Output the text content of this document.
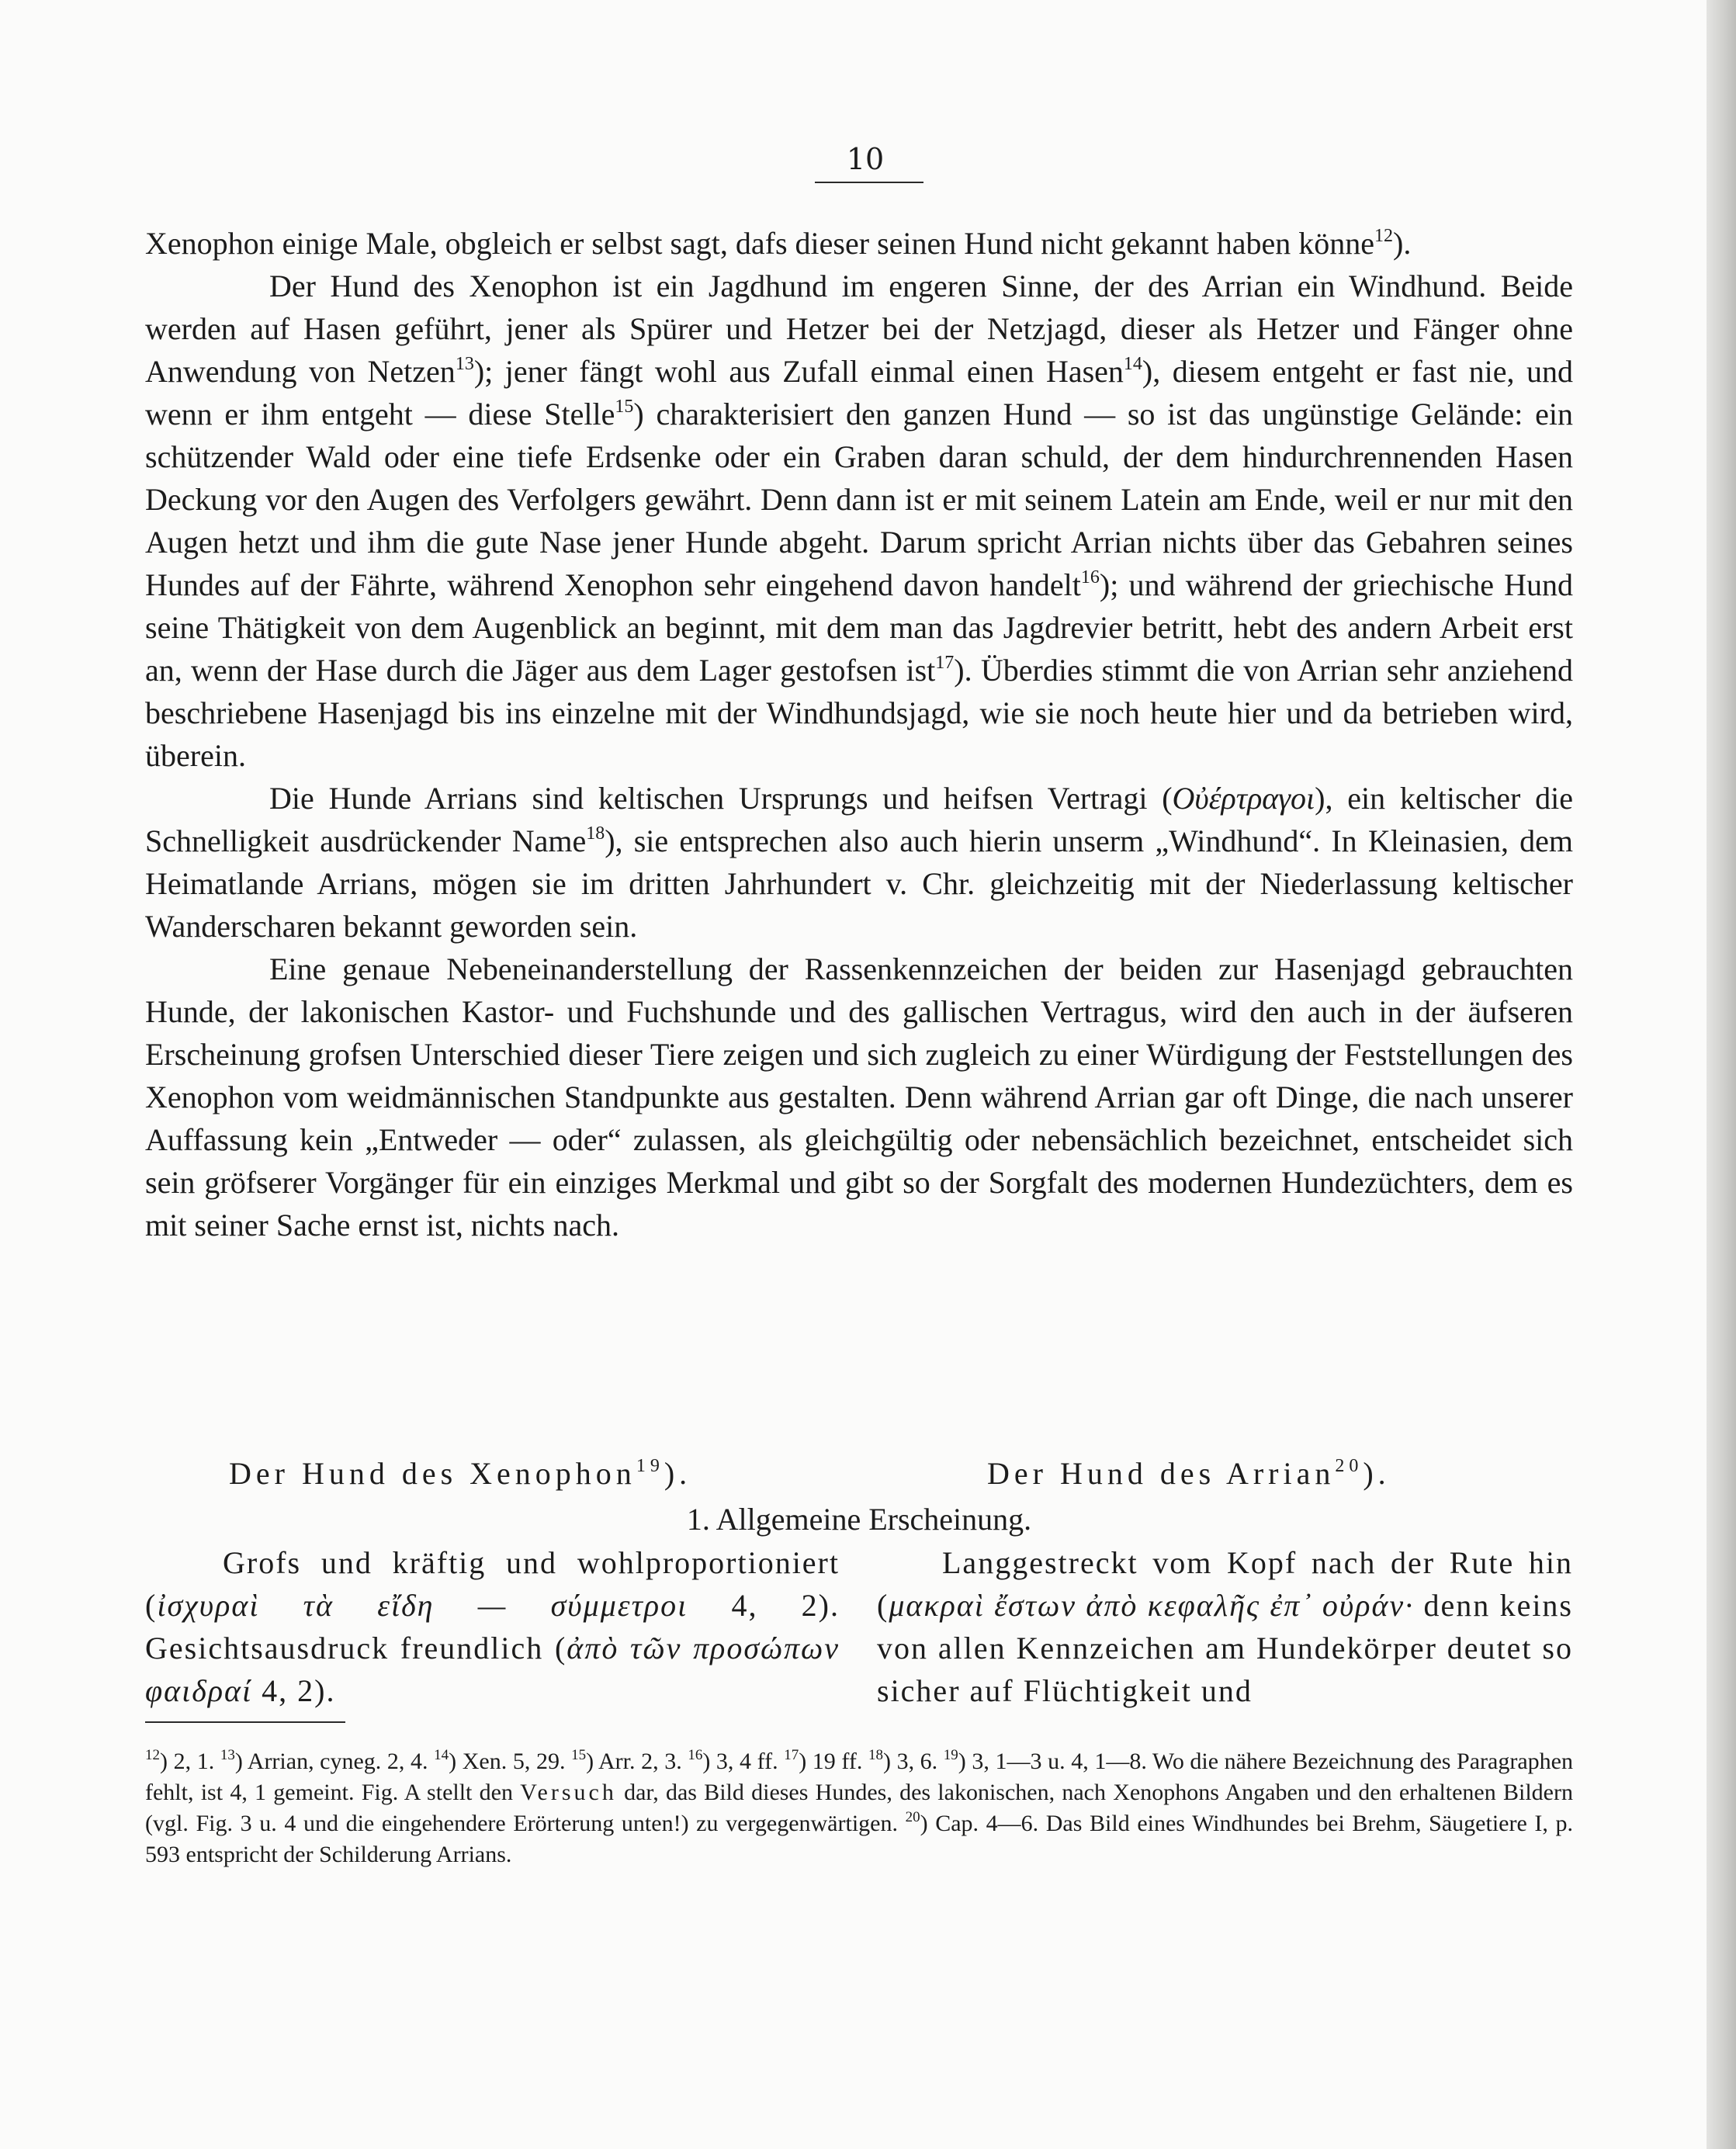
10

Xenophon einige Male, obgleich er selbst sagt, dafs dieser seinen Hund nicht gekannt haben könne$^{12}$).

Der Hund des Xenophon ist ein Jagdhund im engeren Sinne, der des Arrian ein Windhund. Beide werden auf Hasen geführt, jener als Spürer und Hetzer bei der Netzjagd, dieser als Hetzer und Fänger ohne Anwendung von Netzen$^{13}$); jener fängt wohl aus Zufall einmal einen Hasen$^{14}$), diesem entgeht er fast nie, und wenn er ihm entgeht — diese Stelle$^{15}$) charakterisiert den ganzen Hund — so ist das ungünstige Gelände: ein schützender Wald oder eine tiefe Erdsenke oder ein Graben daran schuld, der dem hindurchrennenden Hasen Deckung vor den Augen des Verfolgers gewährt. Denn dann ist er mit seinem Latein am Ende, weil er nur mit den Augen hetzt und ihm die gute Nase jener Hunde abgeht. Darum spricht Arrian nichts über das Gebahren seines Hundes auf der Fährte, während Xenophon sehr eingehend davon handelt$^{16}$); und während der griechische Hund seine Thätigkeit von dem Augenblick an beginnt, mit dem man das Jagdrevier betritt, hebt des andern Arbeit erst an, wenn der Hase durch die Jäger aus dem Lager gestofsen ist$^{17}$). Überdies stimmt die von Arrian sehr anziehend beschriebene Hasenjagd bis ins einzelne mit der Windhundsjagd, wie sie noch heute hier und da betrieben wird, überein.

Die Hunde Arrians sind keltischen Ursprungs und heifsen Vertragi (Οὐέρτραγοι), ein keltischer die Schnelligkeit ausdrückender Name$^{18}$), sie entsprechen also auch hierin unserm „Windhund“. In Kleinasien, dem Heimatlande Arrians, mögen sie im dritten Jahrhundert v. Chr. gleichzeitig mit der Niederlassung keltischer Wanderscharen bekannt geworden sein.

Eine genaue Nebeneinanderstellung der Rassenkennzeichen der beiden zur Hasenjagd gebrauchten Hunde, der lakonischen Kastor- und Fuchshunde und des gallischen Vertragus, wird den auch in der äufseren Erscheinung grofsen Unterschied dieser Tiere zeigen und sich zugleich zu einer Würdigung der Feststellungen des Xenophon vom weidmännischen Standpunkte aus gestalten. Denn während Arrian gar oft Dinge, die nach unserer Auffassung kein „Entweder — oder“ zulassen, als gleichgültig oder nebensächlich bezeichnet, entscheidet sich sein gröfserer Vorgänger für ein einziges Merkmal und gibt so der Sorgfalt des modernen Hundezüchters, dem es mit seiner Sache ernst ist, nichts nach.

Der Hund des Xenophon$^{19}$).	Der Hund des Arrian$^{20}$).
1. Allgemeine Erscheinung.
Grofs und kräftig und wohlproportioniert (ἰσχυραὶ τὰ εἴδη — σύμμετροι 4, 2). Gesichtsausdruck freundlich (ἀπὸ τῶν προσώπων φαιδραί 4, 2).
Langgestreckt vom Kopf nach der Rute hin (μακραὶ ἔστων ἀπὸ κεφαλῆς ἐπ᾽ οὐράν· denn keins von allen Kennzeichen am Hundekörper deutet so sicher auf Flüchtigkeit und
$^{12}$) 2, 1. $^{13}$) Arrian, cyneg. 2, 4. $^{14}$) Xen. 5, 29. $^{15}$) Arr. 2, 3. $^{16}$) 3, 4 ff. $^{17}$) 19 ff. $^{18}$) 3, 6. $^{19}$) 3, 1—3 u. 4, 1—8. Wo die nähere Bezeichnung des Paragraphen fehlt, ist 4, 1 gemeint. Fig. A stellt den Versuch dar, das Bild dieses Hundes, des lakonischen, nach Xenophons Angaben und den erhaltenen Bildern (vgl. Fig. 3 u. 4 und die eingehendere Erörterung unten!) zu vergegenwärtigen. $^{20}$) Cap. 4—6. Das Bild eines Windhundes bei Brehm, Säugetiere I, p. 593 entspricht der Schilderung Arrians.
